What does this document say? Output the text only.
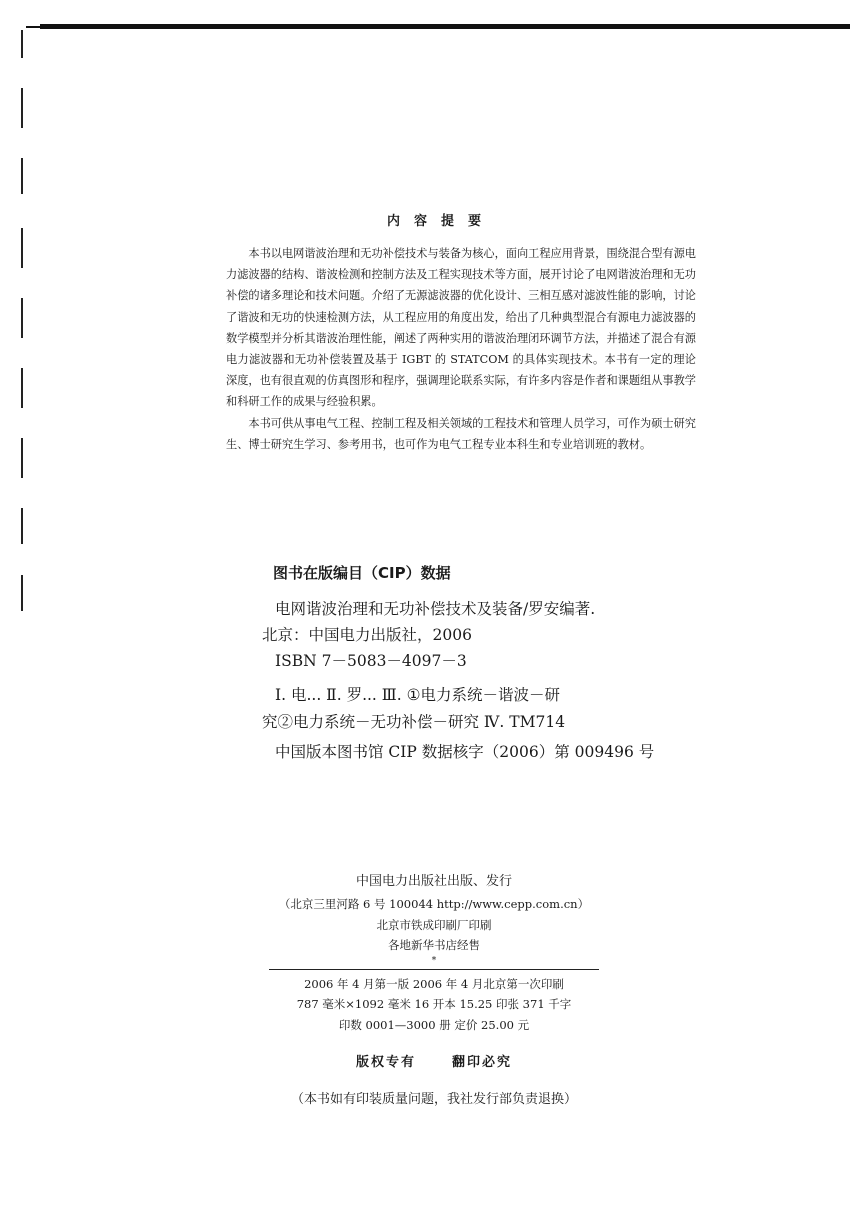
内容提要

本书以电网谐波治理和无功补偿技术与装备为核心，面向工程应用背景，围绕混合型有源电力滤波器的结构、谐波检测和控制方法及工程实现技术等方面，展开讨论了电网谐波治理和无功补偿的诸多理论和技术问题。介绍了无源滤波器的优化设计、三相互感对滤波性能的影响，讨论了谐波和无功的快速检测方法，从工程应用的角度出发，给出了几种典型混合有源电力滤波器的数学模型并分析其谐波治理性能，阐述了两种实用的谐波治理闭环调节方法，并描述了混合有源电力滤波器和无功补偿装置及基于 IGBT 的 STATCOM 的具体实现技术。本书有一定的理论深度，也有很直观的仿真图形和程序，强调理论联系实际，有许多内容是作者和课题组从事教学和科研工作的成果与经验积累。

本书可供从事电气工程、控制工程及相关领域的工程技术和管理人员学习，可作为硕士研究生、博士研究生学习、参考用书，也可作为电气工程专业本科生和专业培训班的教材。

图书在版编目（CIP）数据
电网谐波治理和无功补偿技术及装备/罗安编著.
北京：中国电力出版社，2006
ISBN 7－5083－4097－3
Ⅰ. 电... Ⅱ. 罗... Ⅲ. ①电力系统－谐波－研
究②电力系统－无功补偿－研究 Ⅳ. TM714
中国版本图书馆 CIP 数据核字（2006）第 009496 号
中国电力出版社出版、发行
（北京三里河路 6 号 100044 http://www.cepp.com.cn）
北京市铁成印刷厂印刷
各地新华书店经售
*
2006 年 4 月第一版 2006 年 4 月北京第一次印刷
787 毫米×1092 毫米 16 开本 15.25 印张 371 千字
印数 0001—3000 册 定价 25.00 元
版权专有	翻印必究
（本书如有印装质量问题，我社发行部负责退换）
